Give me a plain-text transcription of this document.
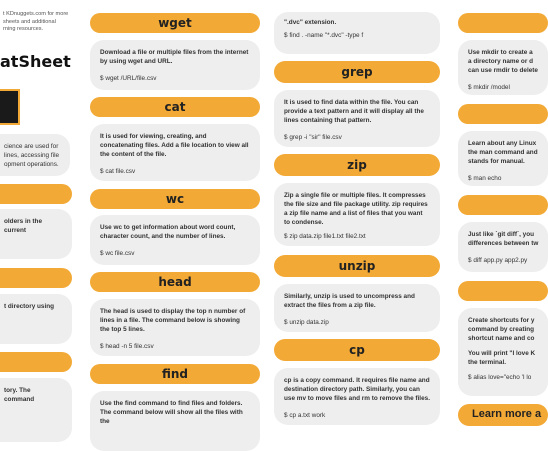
t KDnuggets.com for more
sheets and additional
rning resources.
atSheet
cience are used for
lines, accessing file
opment operations.
olders in the current
t directory using
tory. The command
wget
Download a file or multiple files from the internet by using wget and URL.
$ wget /URL/file.csv
cat
It is used for viewing, creating, and concatenating files. Add a file location to view all the content of the file.
$ cat file.csv
wc
Use wc to get information about word count, character count, and the number of lines.
$ wc file.csv
head
The head is used to display the top n number of lines in a file. The command below is showing the top 5 lines.
$ head -n 5 file.csv
find
Use the find command to find files and folders. The command below will show all the files with the
".dvc" extension.
$ find . -name "*.dvc" -type f
grep
It is used to find data within the file. You can provide a text pattern and it will display all the lines containing that pattern.
$ grep -i "sir" file.csv
zip
Zip a single file or multiple files. It compresses the file size and file package utility. zip requires a zip file name and a list of files that you want to condense.
$ zip data.zip file1.txt file2.txt
unzip
Similarly, unzip is used to uncompress and extract the files from a zip file.
$ unzip data.zip
cp
cp is a copy command. It requires file name and destination directory path. Similarly, you can use mv to move files and rm to remove the files.
$ cp a.txt work
Use mkdir to create a
a directory name or d
can use rmdir to delete
$ mkdir /model
Learn about any Linux
the man command and
stands for manual.
$ man echo
Just like `git diff`, you
differences between tw
$ diff app.py app2.py
Create shortcuts for y
command by creating
shortcut name and co
You will print "I love K
the terminal.
$ alias love="echo 'I lo
Learn more a
